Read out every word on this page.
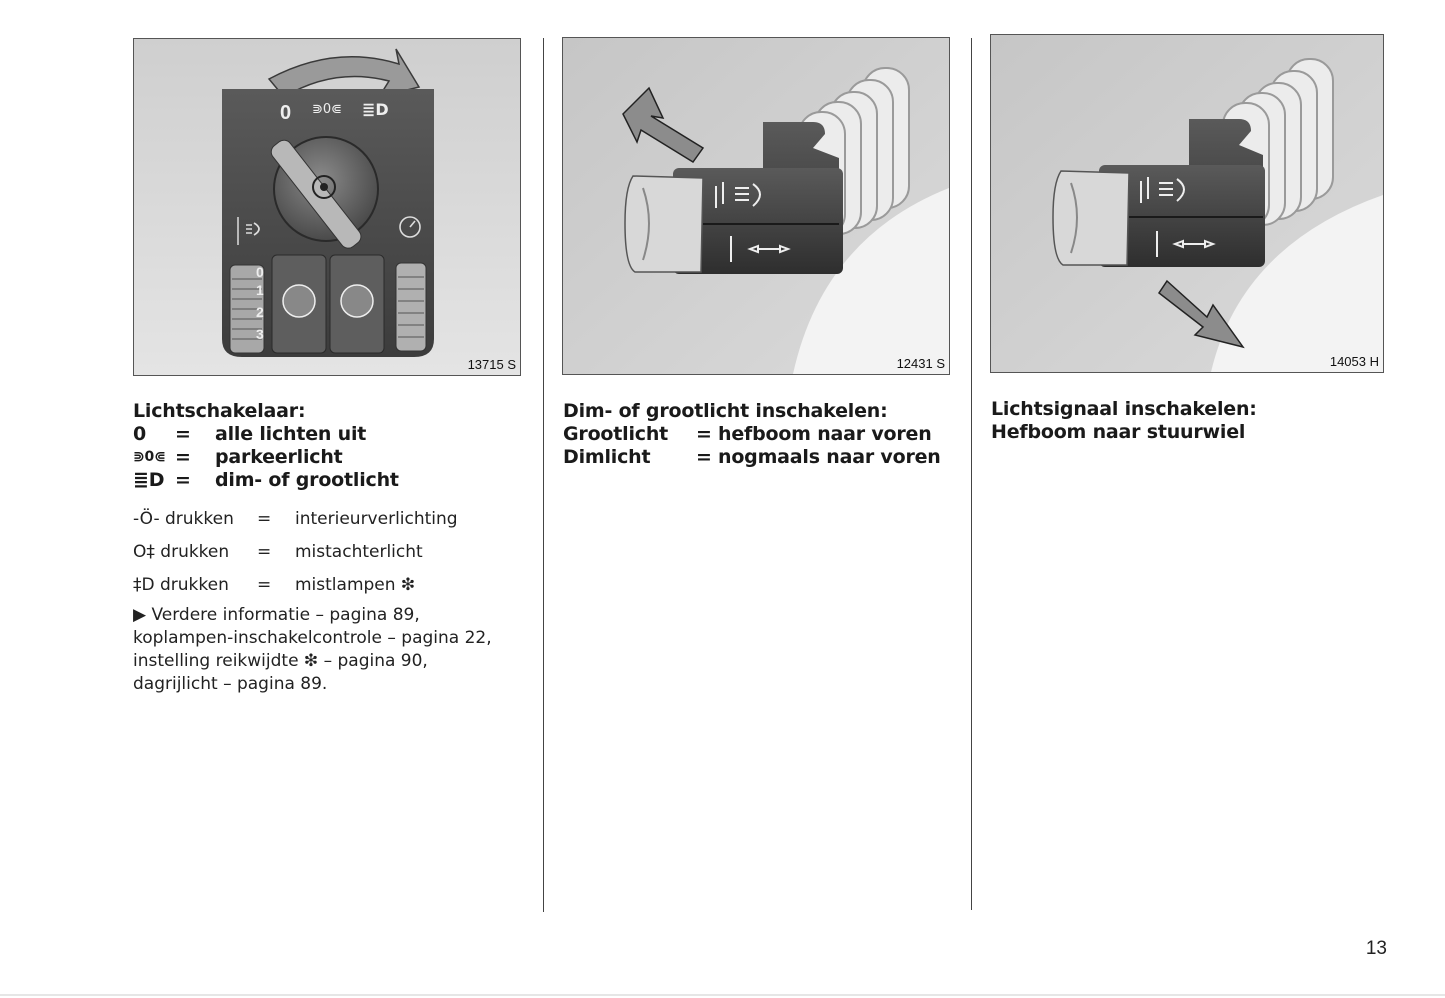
0 ⋑0⋐ ≣D
0
1
2
3
13715 S
Lichtschakelaar:
0	=	alle lichten uit
⋑0⋐ =	parkeerlicht
≣D =	dim- of grootlicht
-Ö- drukken	=	interieurverlichting
O‡ drukken	=	mistachterlicht
‡D drukken	=	mistlampen ❇
▶ Verdere informatie – pagina 89,
koplampen-inschakelcontrole – pagina 22,
instelling reikwijdte ❇ – pagina 90,
dagrijlicht – pagina 89.
12431 S
Dim- of grootlicht inschakelen:
Grootlicht	= hefboom naar voren
Dimlicht	= nogmaals naar voren
14053 H
Lichtsignaal inschakelen:
Hefboom naar stuurwiel
13
